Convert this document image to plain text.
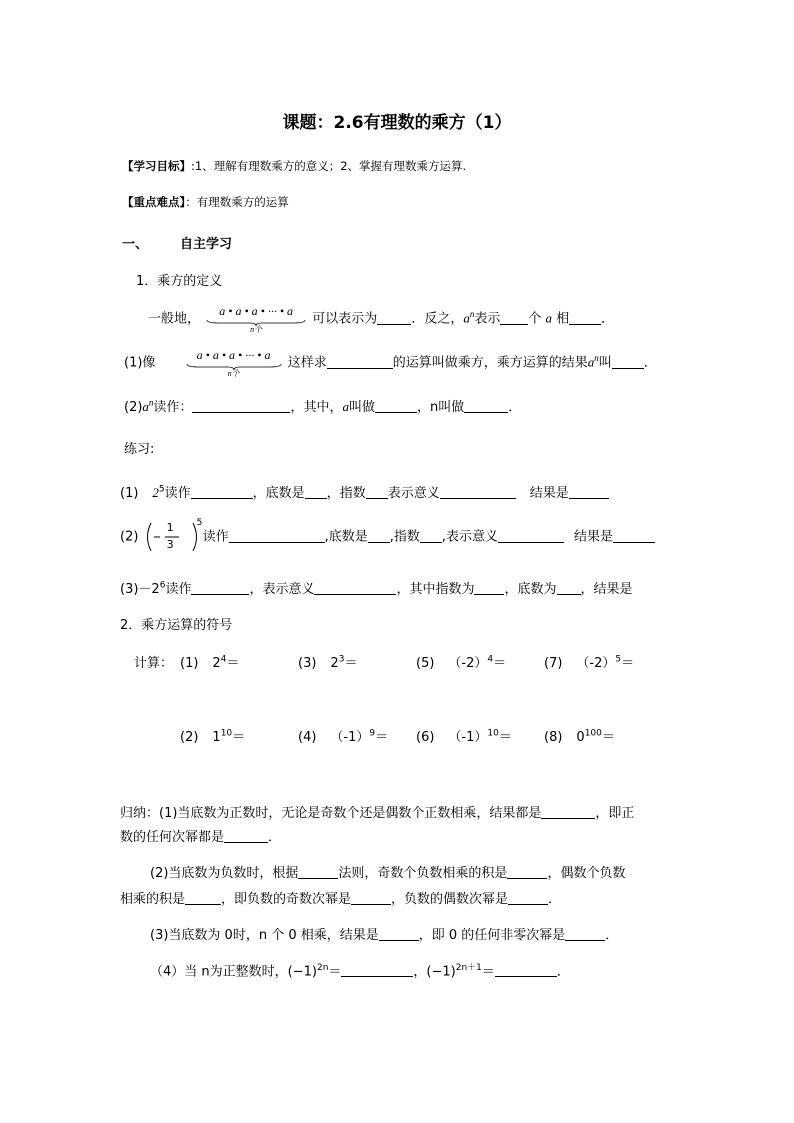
课题：2.6有理数的乘方（1）
【学习目标】:1、理解有理数乘方的意义；2、掌握有理数乘方运算.
【重点难点】：有理数乘方的运算
一、 自主学习
1．乘方的定义
一般地， a • a • a • ··· • a
n个
可以表示为	．反之，$a^n$表示 个 a 相 ．
(1)像 a • a • a • ··· • a
n个
这样求	的运算叫做乘方，乘方运算的结果$a^n$叫 ．
$(2)a^n$读作：	，其中，a叫做	，n叫做	．
练习:
(1) $2^5$读作	，底数是 ，指数 表示意义	结果是
(2)
1
3
5
读作	,底数是 ,指数 ,表示意义	结果是
$(3)-2^6$读作	，表示意义	，其中指数为 ，底数为 ，结果是
2．乘方运算的符号
计算： (1) $2^4=$	(3) $2^3=$	(5) $(-2)^4=$	(7) $(-2)^5=$
(2) $1^{10}=$	(4) $(-1)^9= (6)$ $(-1)^{10}= (8)$ $0^{100}=$
归纳：(1)当底数为正数时，无论是奇数个还是偶数个正数相乘，结果都是	，即正
数的任何次幂都是	．
(2)当底数为负数时，根据	法则，奇数个负数相乘的积是	，偶数个负数
相乘的积是	，即负数的奇数次幂是	，负数的偶数次幂是	．
(3)当底数为 0时，n 个 0 相乘，结果是	，即 0 的任何非零次幂是	．
（4）当 n为正整数时，$(-1)^{2n}=$	，$(-1)^{2n+1}=$	．
